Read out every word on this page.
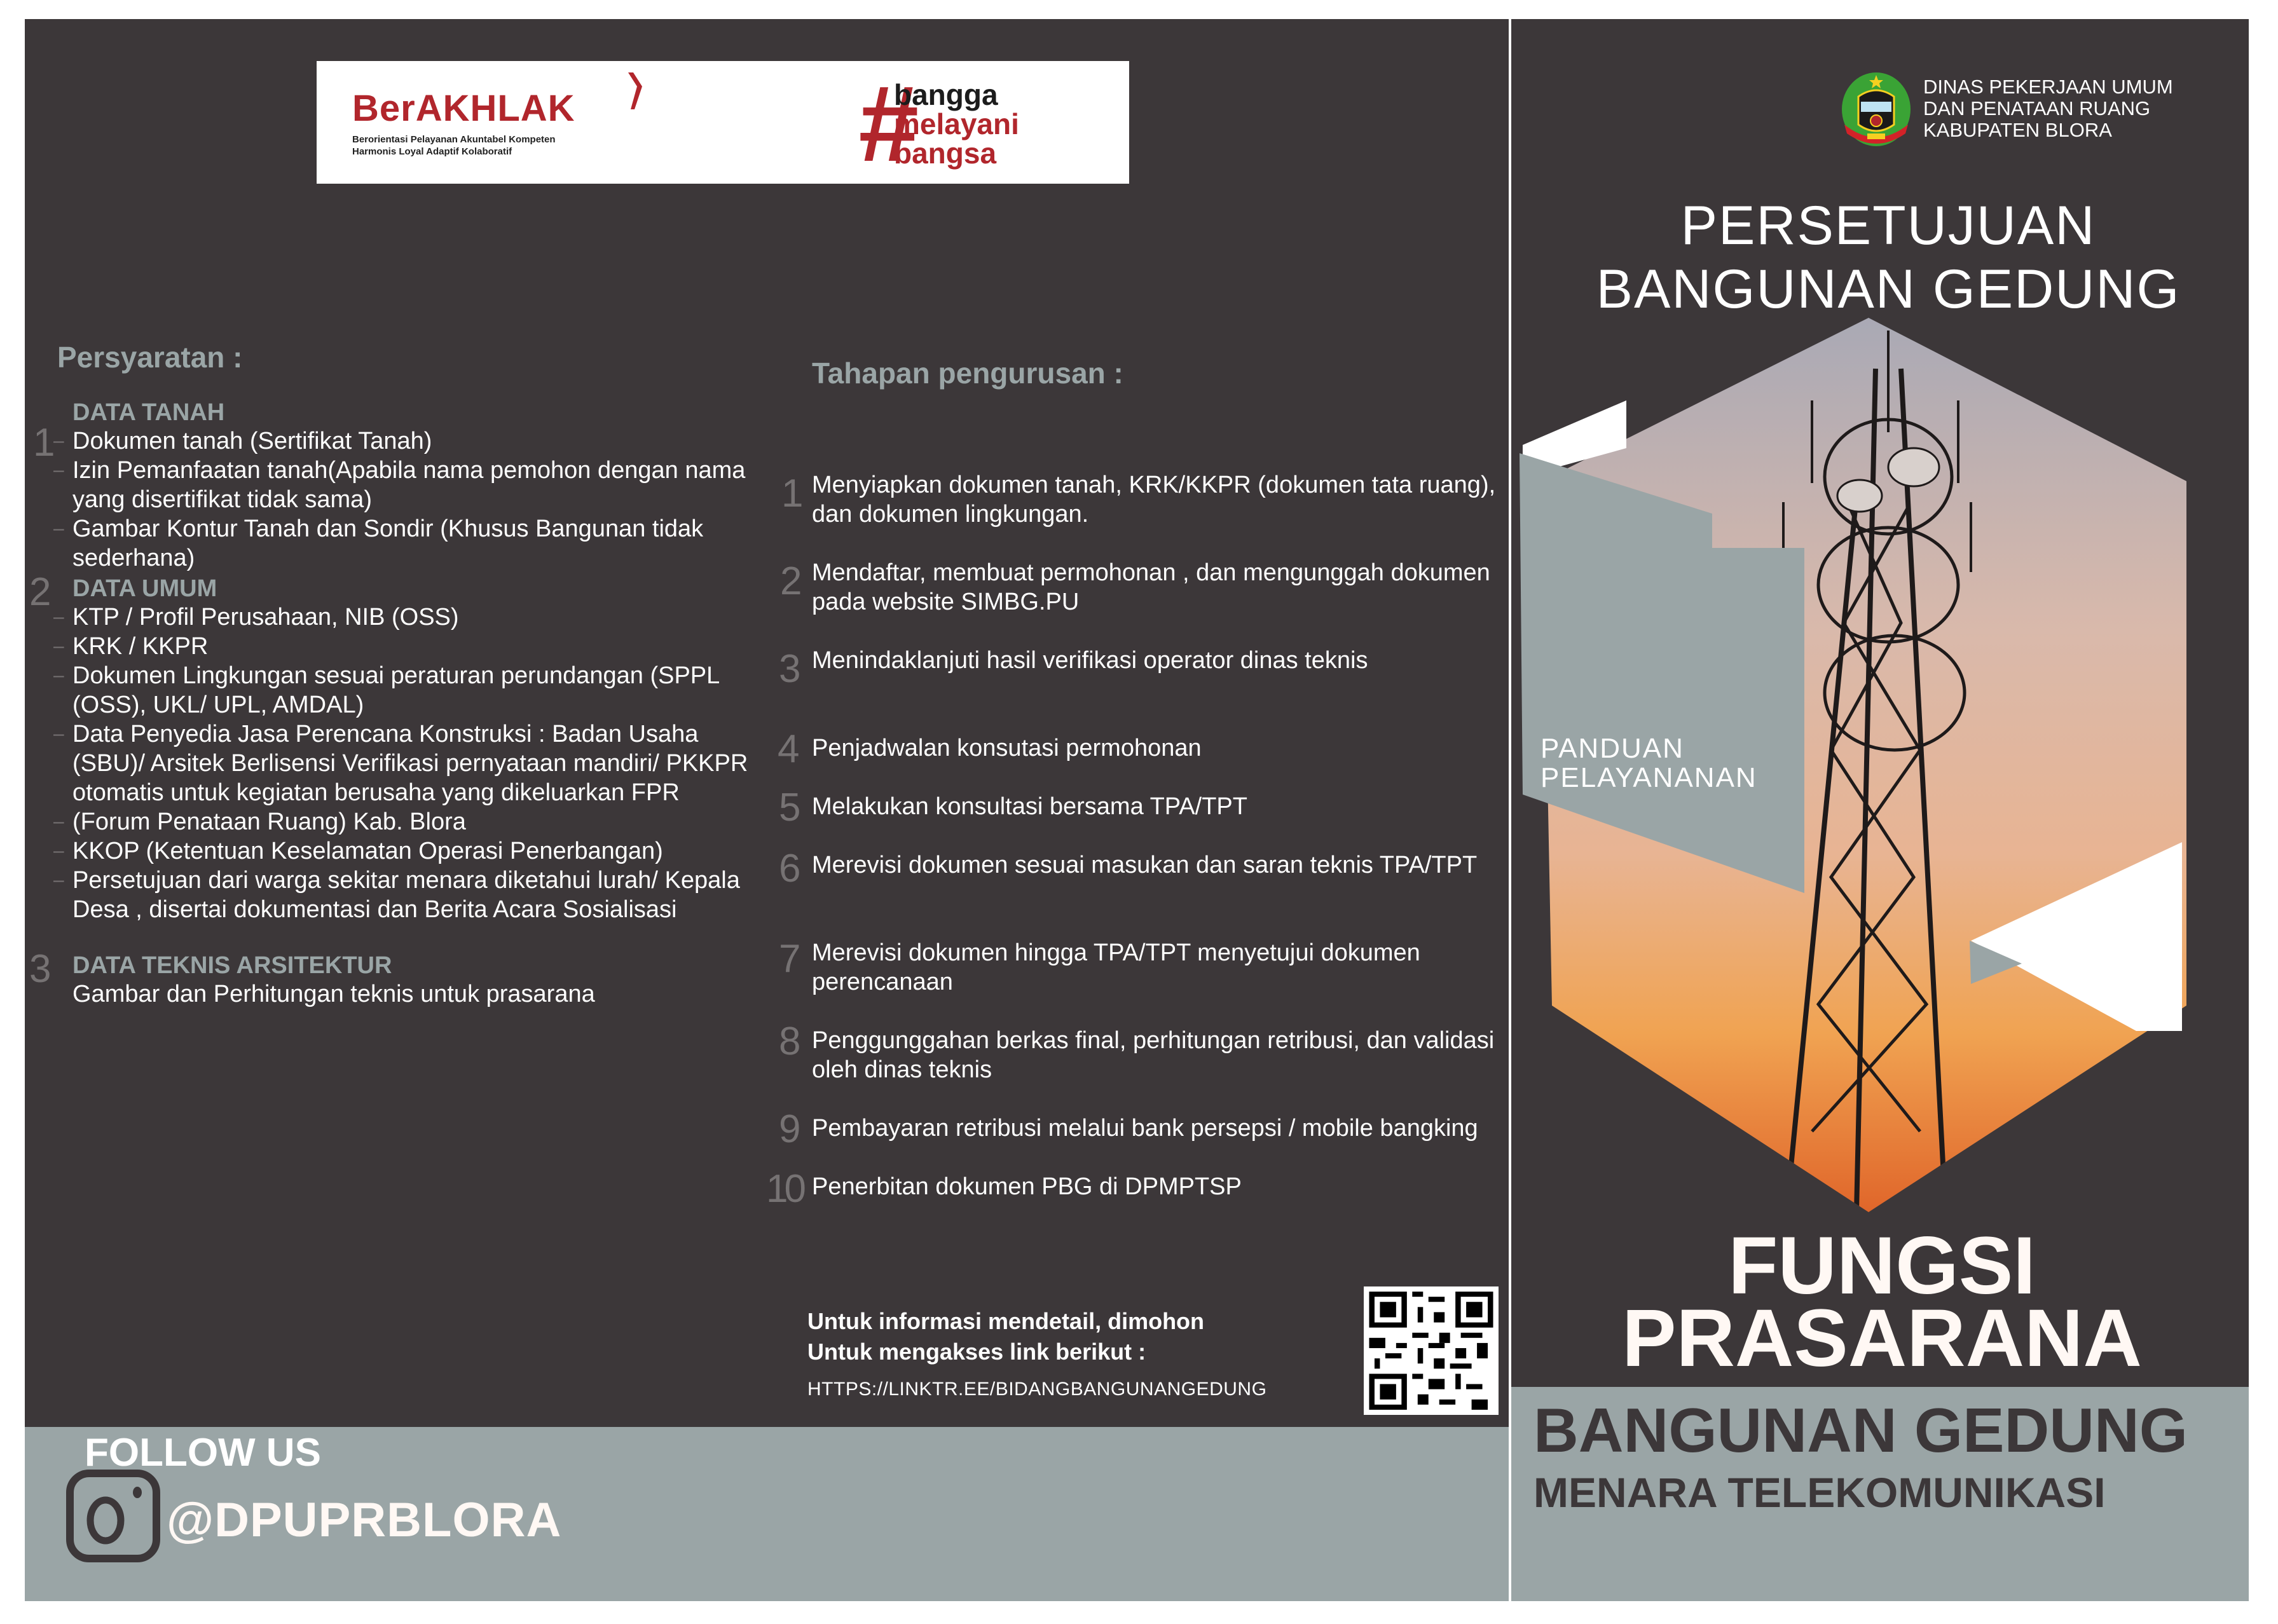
BerAKHLAK
Berorientasi Pelayanan Akuntabel Kompeten
Harmonis Loyal Adaptif Kolaboratif	#
bangga
melayani
bangsa
Persyaratan :
DATA TANAH
1
– Dokumen tanah (Sertifikat Tanah)
– Izin Pemanfaatan tanah(Apabila nama pemohon dengan nama yang disertifikat tidak sama)
– Gambar Kontur Tanah dan Sondir (Khusus Bangunan tidak sederhana)
DATA UMUM
2
– KTP / Profil Perusahaan, NIB (OSS)
– KRK / KKPR
– Dokumen Lingkungan sesuai peraturan perundangan (SPPL (OSS), UKL/ UPL, AMDAL)
– Data Penyedia Jasa Perencana Konstruksi : Badan Usaha (SBU)/ Arsitek Berlisensi Verifikasi pernyataan mandiri/ PKKPR otomatis untuk kegiatan berusaha yang dikeluarkan FPR
– (Forum Penataan Ruang) Kab. Blora
– KKOP (Ketentuan Keselamatan Operasi Penerbangan)
– Persetujuan dari warga sekitar menara diketahui lurah/ Kepala Desa , disertai dokumentasi dan Berita Acara Sosialisasi
DATA TEKNIS ARSITEKTUR
3
Gambar dan Perhitungan teknis untuk prasarana
Tahapan pengurusan :
1 Menyiapkan dokumen tanah, KRK/KKPR (dokumen tata ruang), dan dokumen lingkungan.
2 Mendaftar, membuat permohonan , dan mengunggah dokumen pada website SIMBG.PU
3 Menindaklanjuti hasil verifikasi operator dinas teknis
4 Penjadwalan konsutasi permohonan
5 Melakukan konsultasi bersama TPA/TPT
6 Merevisi dokumen sesuai masukan dan saran teknis TPA/TPT
7 Merevisi dokumen hingga TPA/TPT menyetujui dokumen perencanaan
8 Penggunggahan berkas final, perhitungan retribusi, dan validasi oleh dinas teknis
9 Pembayaran retribusi melalui bank persepsi / mobile bangking
10 Penerbitan dokumen PBG di DPMPTSP
Untuk informasi mendetail, dimohon
Untuk mengakses link berikut :
HTTPS://LINKTR.EE/BIDANGBANGUNANGEDUNG
FOLLOW US
@DPUPRBLORA
DINAS PEKERJAAN UMUM
DAN PENATAAN RUANG
KABUPATEN BLORA
PERSETUJUAN
BANGUNAN GEDUNG
PANDUAN
PELAYANANAN
FUNGSI
PRASARANA
BANGUNAN GEDUNG
MENARA TELEKOMUNIKASI
